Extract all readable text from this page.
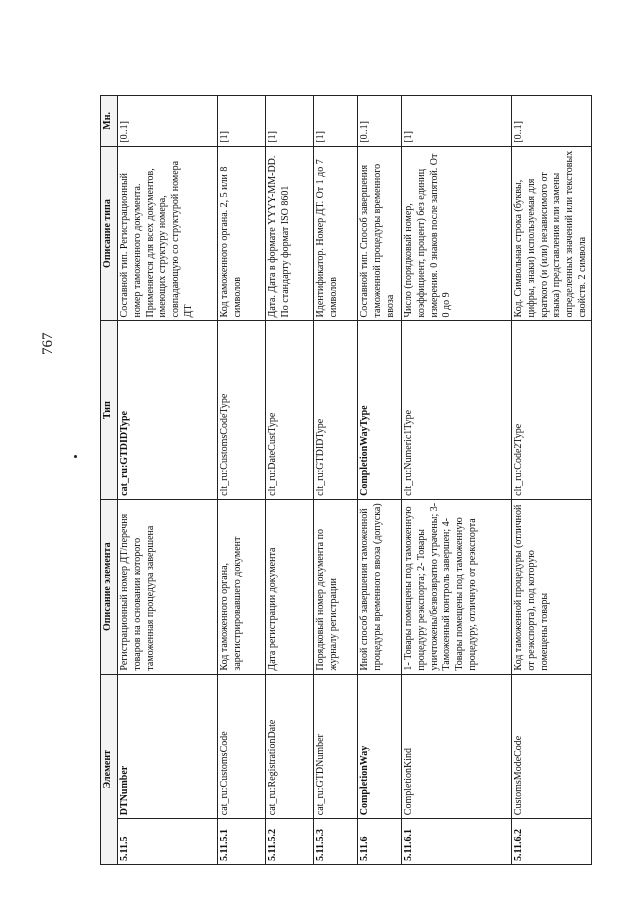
767
Элемент		Описание элемента	Тип	Описание типа	Мн.
5.11.5	DTNumber	Регистрационный номер ДТ/перечня товаров на основании которого таможенная процедура завершена	cat_ru:GTDIDType	Составной тип. Регистрационный номер таможенного документа. Применяется для всех документов, имеющих структуру номера, совпадающую со структурой номера ДТ	[0..1]
5.11.5.1	cat_ru:CustomsCode	Код таможенного органа, зарегистрировавшего документ	clt_ru:CustomsCodeType	Код таможенного органа. 2, 5 или 8 символов	[1]
5.11.5.2	cat_ru:RegistrationDate	Дата регистрации документа	clt_ru:DateCustType	Дата. Дата в формате YYYY-MM-DD. По стандарту формат ISO 8601	[1]
5.11.5.3	cat_ru:GTDNumber	Порядковый номер документа по журналу регистрации	clt_ru:GTDIDType	Идентификатор. Номер ДТ. От 1 до 7 символов	[1]
5.11.6	CompletionWay	Иной способ завершения таможенной процедуры временного ввоза (допуска)	CompletionWayType	Составной тип. Способ завершения таможенной процедуры временного ввоза	[0..1]
5.11.6.1	CompletionKind	1- Товары помещены под таможенную процедуру реэкспорта; 2- Товары уничтожены/безвозвратно утрачены; 3- Таможенный контроль завершен; 4- Товары помещены под таможенную процедуру, отличную от реэкспорта	clt_ru:Numeric1Type	Число (порядковый номер, коэффициент, процент) без единиц измерения. 0 знаков после запятой. От 0 до 9	[1]
5.11.6.2	CustomsModeCode	Код таможенной процедуры (отличной от реэкспорта), под которую помещены товары	clt_ru:Code2Type	Код. Символьная строка (буквы, цифры, знаки) используемая для краткого (и (или) независимого от языка) представления или замены определенных значений или текстовых свойств. 2 символа	[0..1]
